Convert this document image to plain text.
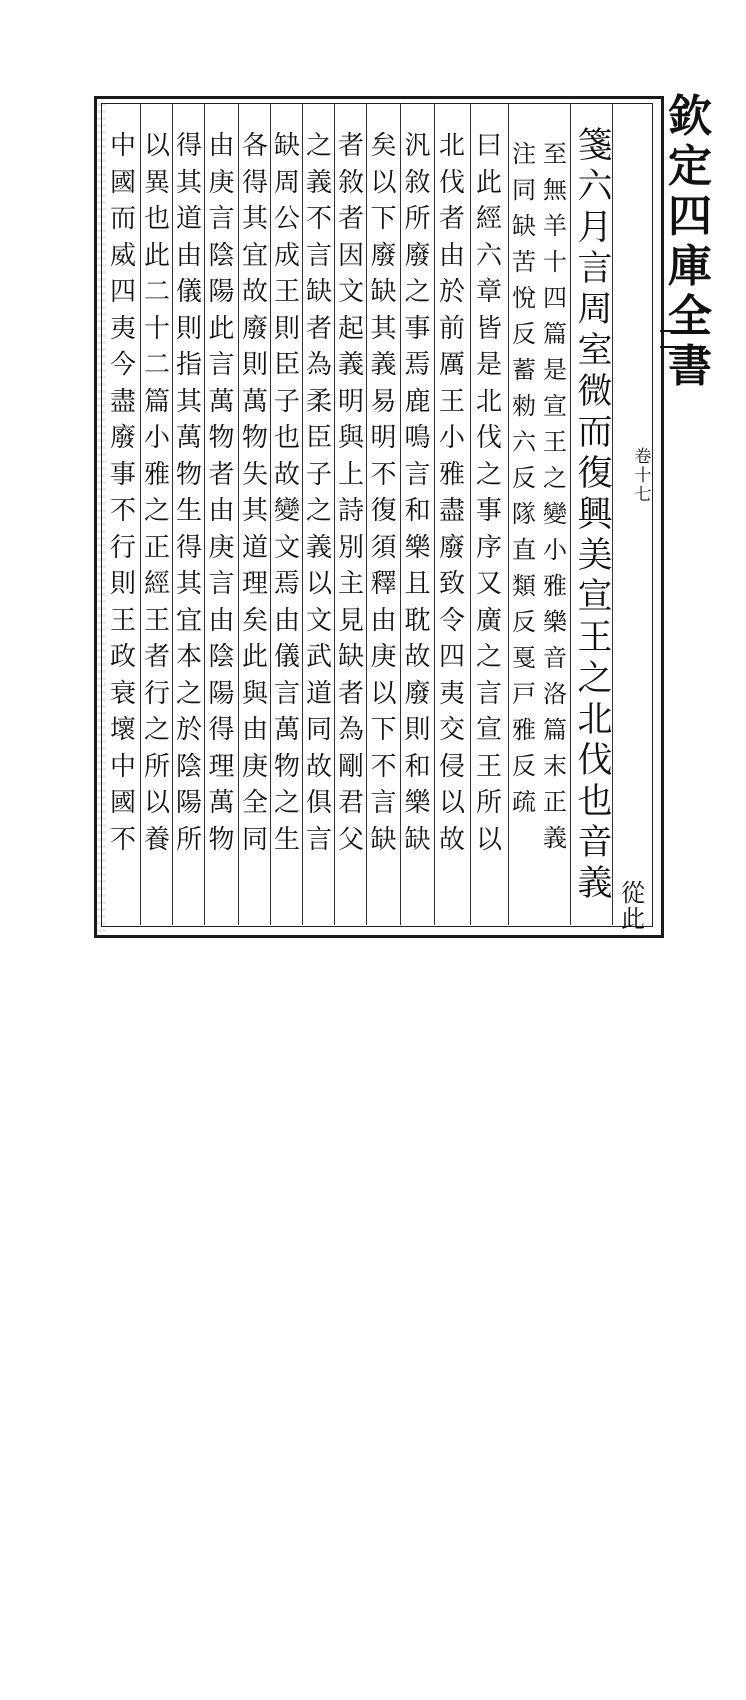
欽定四庫全書
卷十七
從此
箋六月言周室微而復興美宣王之北伐也音義
至無羊十四篇是宣王之變小雅樂音洛篇末正義
注同缺苦悅反蓄勑六反隊直類反戛戸雅反疏
曰此經六章皆是北伐之事序又廣之言宣王所以
北伐者由於前厲王小雅盡廢致令四夷交侵以故
汎敘所廢之事焉鹿鳴言和樂且耽故廢則和樂缺
矣以下廢缺其義易明不復須釋由庚以下不言缺
者敘者因文起義明與上詩別主見缺者為剛君父
之義不言缺者為柔臣子之義以文武道同故俱言
缺周公成王則臣子也故變文焉由儀言萬物之生
各得其宜故廢則萬物失其道理矣此與由庚全同
由庚言陰陽此言萬物者由庚言由陰陽得理萬物
得其道由儀則指其萬物生得其宜本之於陰陽所
以異也此二十二篇小雅之正經王者行之所以養
中國而威四夷今盡廢事不行則王政衰壞中國不
